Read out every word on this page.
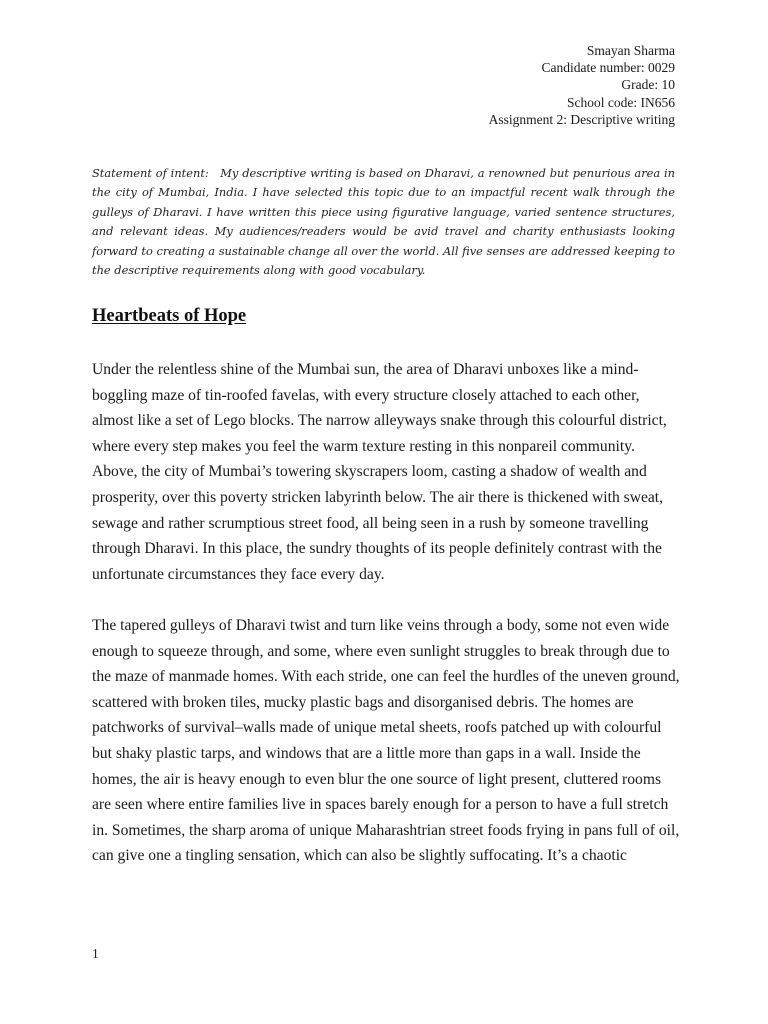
Smayan Sharma
Candidate number: 0029
Grade: 10
School code: IN656
Assignment 2: Descriptive writing
Statement of intent: My descriptive writing is based on Dharavi, a renowned but penurious area in the city of Mumbai, India. I have selected this topic due to an impactful recent walk through the gulleys of Dharavi. I have written this piece using figurative language, varied sentence structures, and relevant ideas. My audiences/readers would be avid travel and charity enthusiasts looking forward to creating a sustainable change all over the world. All five senses are addressed keeping to the descriptive requirements along with good vocabulary.
Heartbeats of Hope

Under the relentless shine of the Mumbai sun, the area of Dharavi unboxes like a mind-boggling maze of tin-roofed favelas, with every structure closely attached to each other, almost like a set of Lego blocks. The narrow alleyways snake through this colourful district, where every step makes you feel the warm texture resting in this nonpareil community. Above, the city of Mumbai’s towering skyscrapers loom, casting a shadow of wealth and prosperity, over this poverty stricken labyrinth below. The air there is thickened with sweat, sewage and rather scrumptious street food, all being seen in a rush by someone travelling through Dharavi. In this place, the sundry thoughts of its people definitely contrast with the unfortunate circumstances they face every day.

The tapered gulleys of Dharavi twist and turn like veins through a body, some not even wide enough to squeeze through, and some, where even sunlight struggles to break through due to the maze of manmade homes. With each stride, one can feel the hurdles of the uneven ground, scattered with broken tiles, mucky plastic bags and disorganised debris. The homes are patchworks of survival–walls made of unique metal sheets, roofs patched up with colourful but shaky plastic tarps, and windows that are a little more than gaps in a wall. Inside the homes, the air is heavy enough to even blur the one source of light present, cluttered rooms are seen where entire families live in spaces barely enough for a person to have a full stretch in. Sometimes, the sharp aroma of unique Maharashtrian street foods frying in pans full of oil, can give one a tingling sensation, which can also be slightly suffocating. It’s a chaotic

1
